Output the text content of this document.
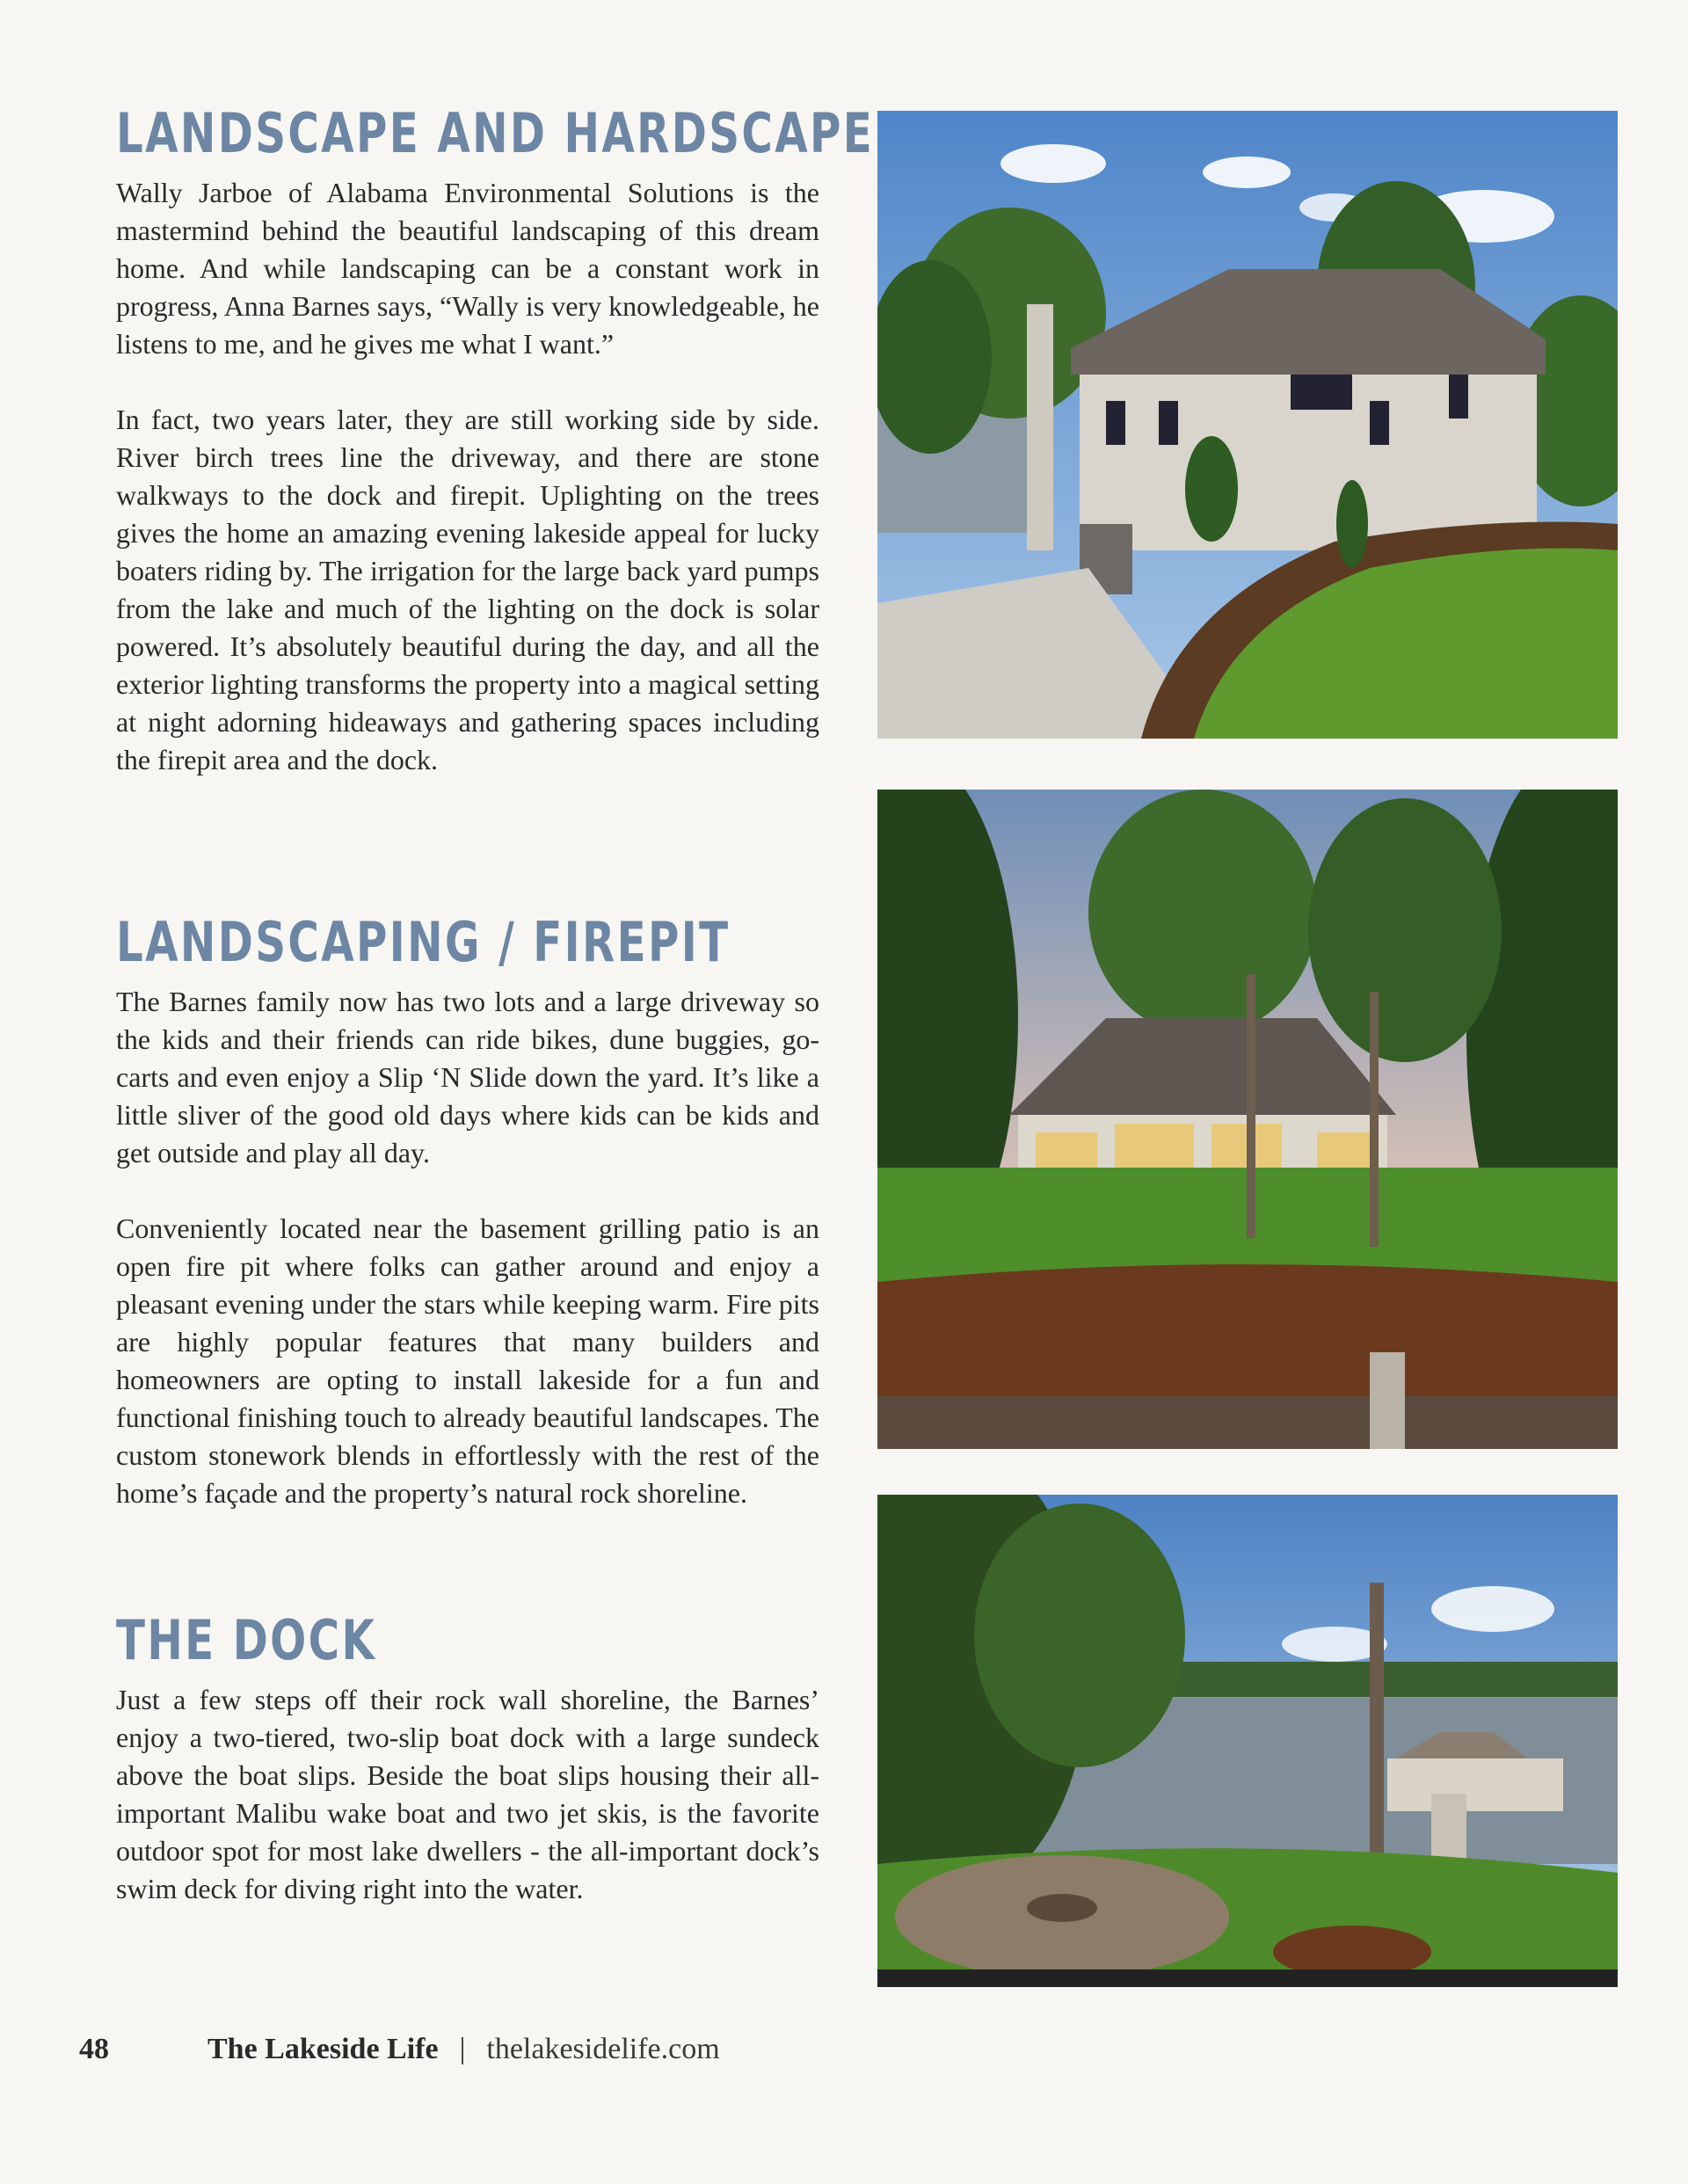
LANDSCAPE AND HARDSCAPE

Wally Jarboe of Alabama Environmental Solutions is the mastermind behind the beautiful landscaping of this dream home. And while landscaping can be a constant work in progress, Anna Barnes says, “Wally is very knowledgeable, he listens to me, and he gives me what I want.”

In fact, two years later, they are still working side by side. River birch trees line the driveway, and there are stone walkways to the dock and firepit. Uplighting on the trees gives the home an amazing evening lakeside appeal for lucky boaters riding by. The irrigation for the large back yard pumps from the lake and much of the lighting on the dock is solar powered. It’s absolutely beautiful during the day, and all the exterior lighting transforms the property into a magical setting at night adorning hideaways and gathering spaces including the firepit area and the dock.

LANDSCAPING / FIREPIT

The Barnes family now has two lots and a large driveway so the kids and their friends can ride bikes, dune buggies, go-carts and even enjoy a Slip ‘N Slide down the yard. It’s like a little sliver of the good old days where kids can be kids and get outside and play all day.

Conveniently located near the basement grilling patio is an open fire pit where folks can gather around and enjoy a pleasant evening under the stars while keeping warm. Fire pits are highly popular features that many builders and homeowners are opting to install lakeside for a fun and functional finishing touch to already beautiful landscapes. The custom stonework blends in effortlessly with the rest of the home’s façade and the property’s natural rock shoreline.

THE DOCK

Just a few steps off their rock wall shoreline, the Barnes’ enjoy a two-tiered, two-slip boat dock with a large sundeck above the boat slips. Beside the boat slips housing their all-important Malibu wake boat and two jet skis, is the favorite outdoor spot for most lake dwellers - the all-important dock’s swim deck for diving right into the water.

48	The Lakeside Life | thelakesidelife.com
